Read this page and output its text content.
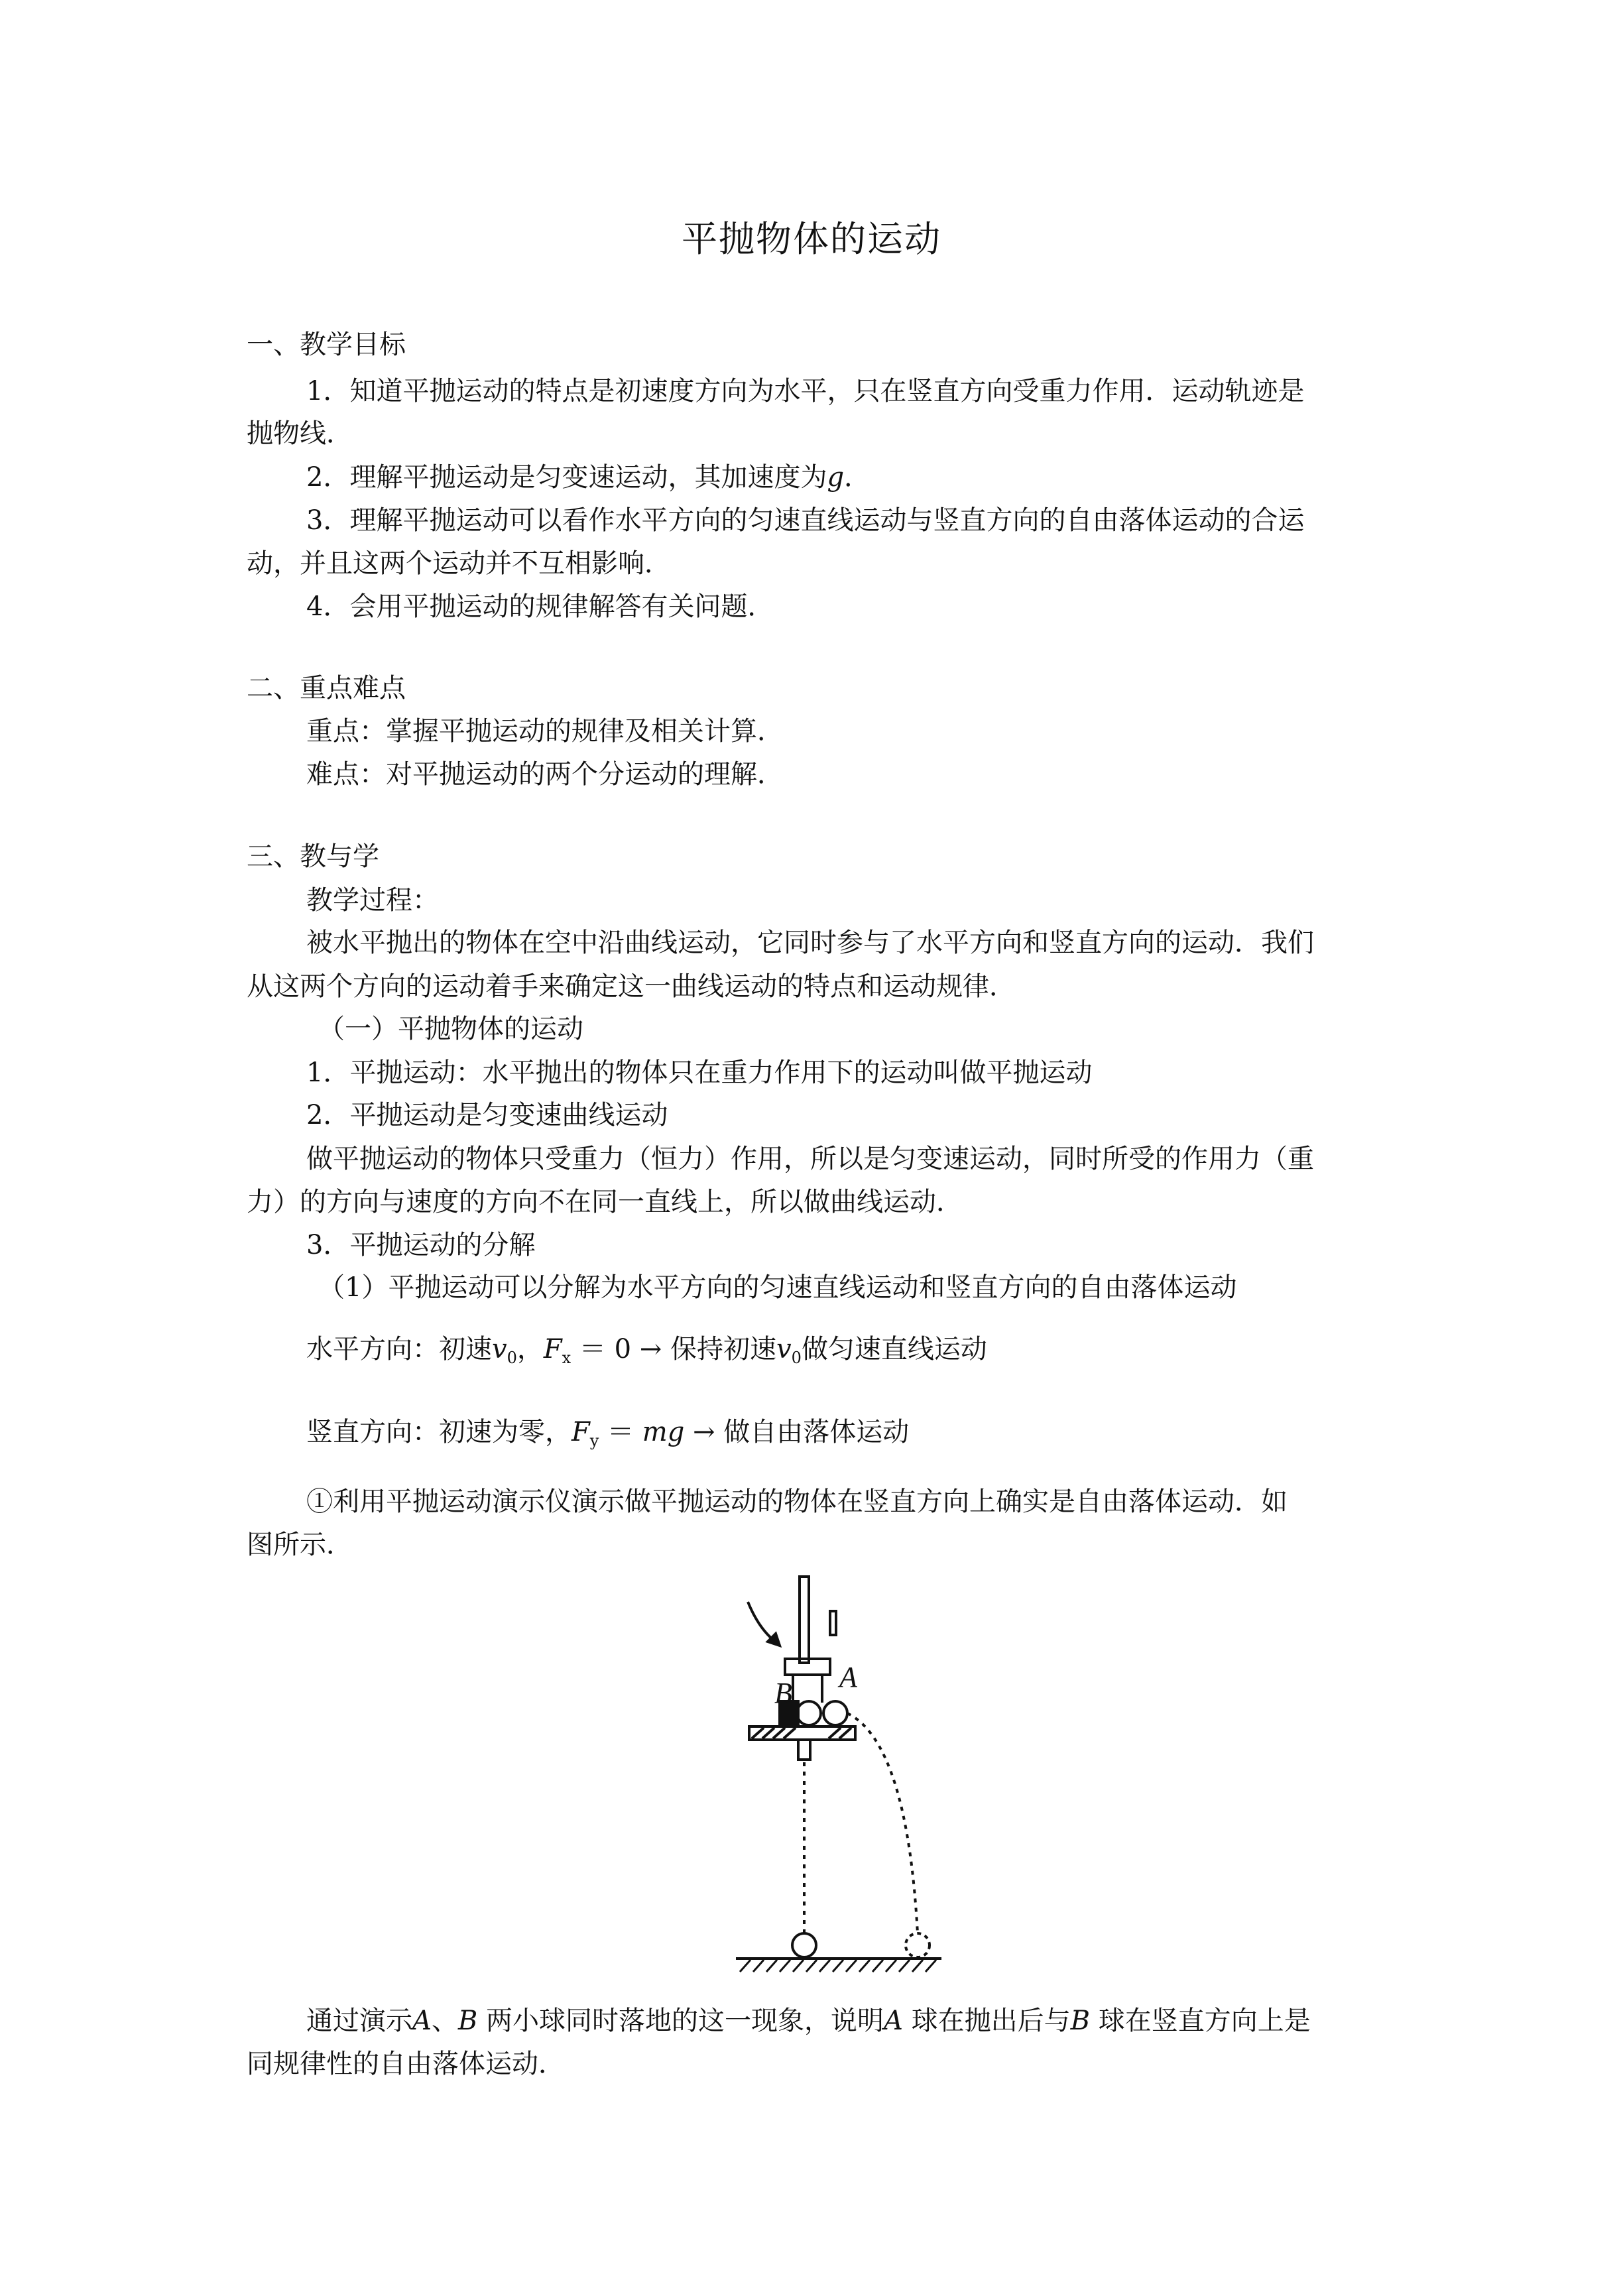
平抛物体的运动
一、教学目标
1．知道平抛运动的特点是初速度方向为水平，只在竖直方向受重力作用．运动轨迹是
抛物线．
2．理解平抛运动是匀变速运动，其加速度为g．
3．理解平抛运动可以看作水平方向的匀速直线运动与竖直方向的自由落体运动的合运
动，并且这两个运动并不互相影响．
4．会用平抛运动的规律解答有关问题．
二、重点难点
重点：掌握平抛运动的规律及相关计算．
难点：对平抛运动的两个分运动的理解．
三、教与学
教学过程：
被水平抛出的物体在空中沿曲线运动，它同时参与了水平方向和竖直方向的运动．我们
从这两个方向的运动着手来确定这一曲线运动的特点和运动规律．
（一）平抛物体的运动
1．平抛运动：水平抛出的物体只在重力作用下的运动叫做平抛运动
2．平抛运动是匀变速曲线运动
做平抛运动的物体只受重力（恒力）作用，所以是匀变速运动，同时所受的作用力（重
力）的方向与速度的方向不在同一直线上，所以做曲线运动．
3．平抛运动的分解
（1）平抛运动可以分解为水平方向的匀速直线运动和竖直方向的自由落体运动
水平方向：初速$v_0$，$F_x = 0$ → 保持初速$v_0$做匀速直线运动
竖直方向：初速为零，$F_y$ ＝ mg → 做自由落体运动
①利用平抛运动演示仪演示做平抛运动的物体在竖直方向上确实是自由落体运动．如
图所示．
A
B
通过演示A、B 两小球同时落地的这一现象，说明A 球在抛出后与B 球在竖直方向上是
同规律性的自由落体运动．
